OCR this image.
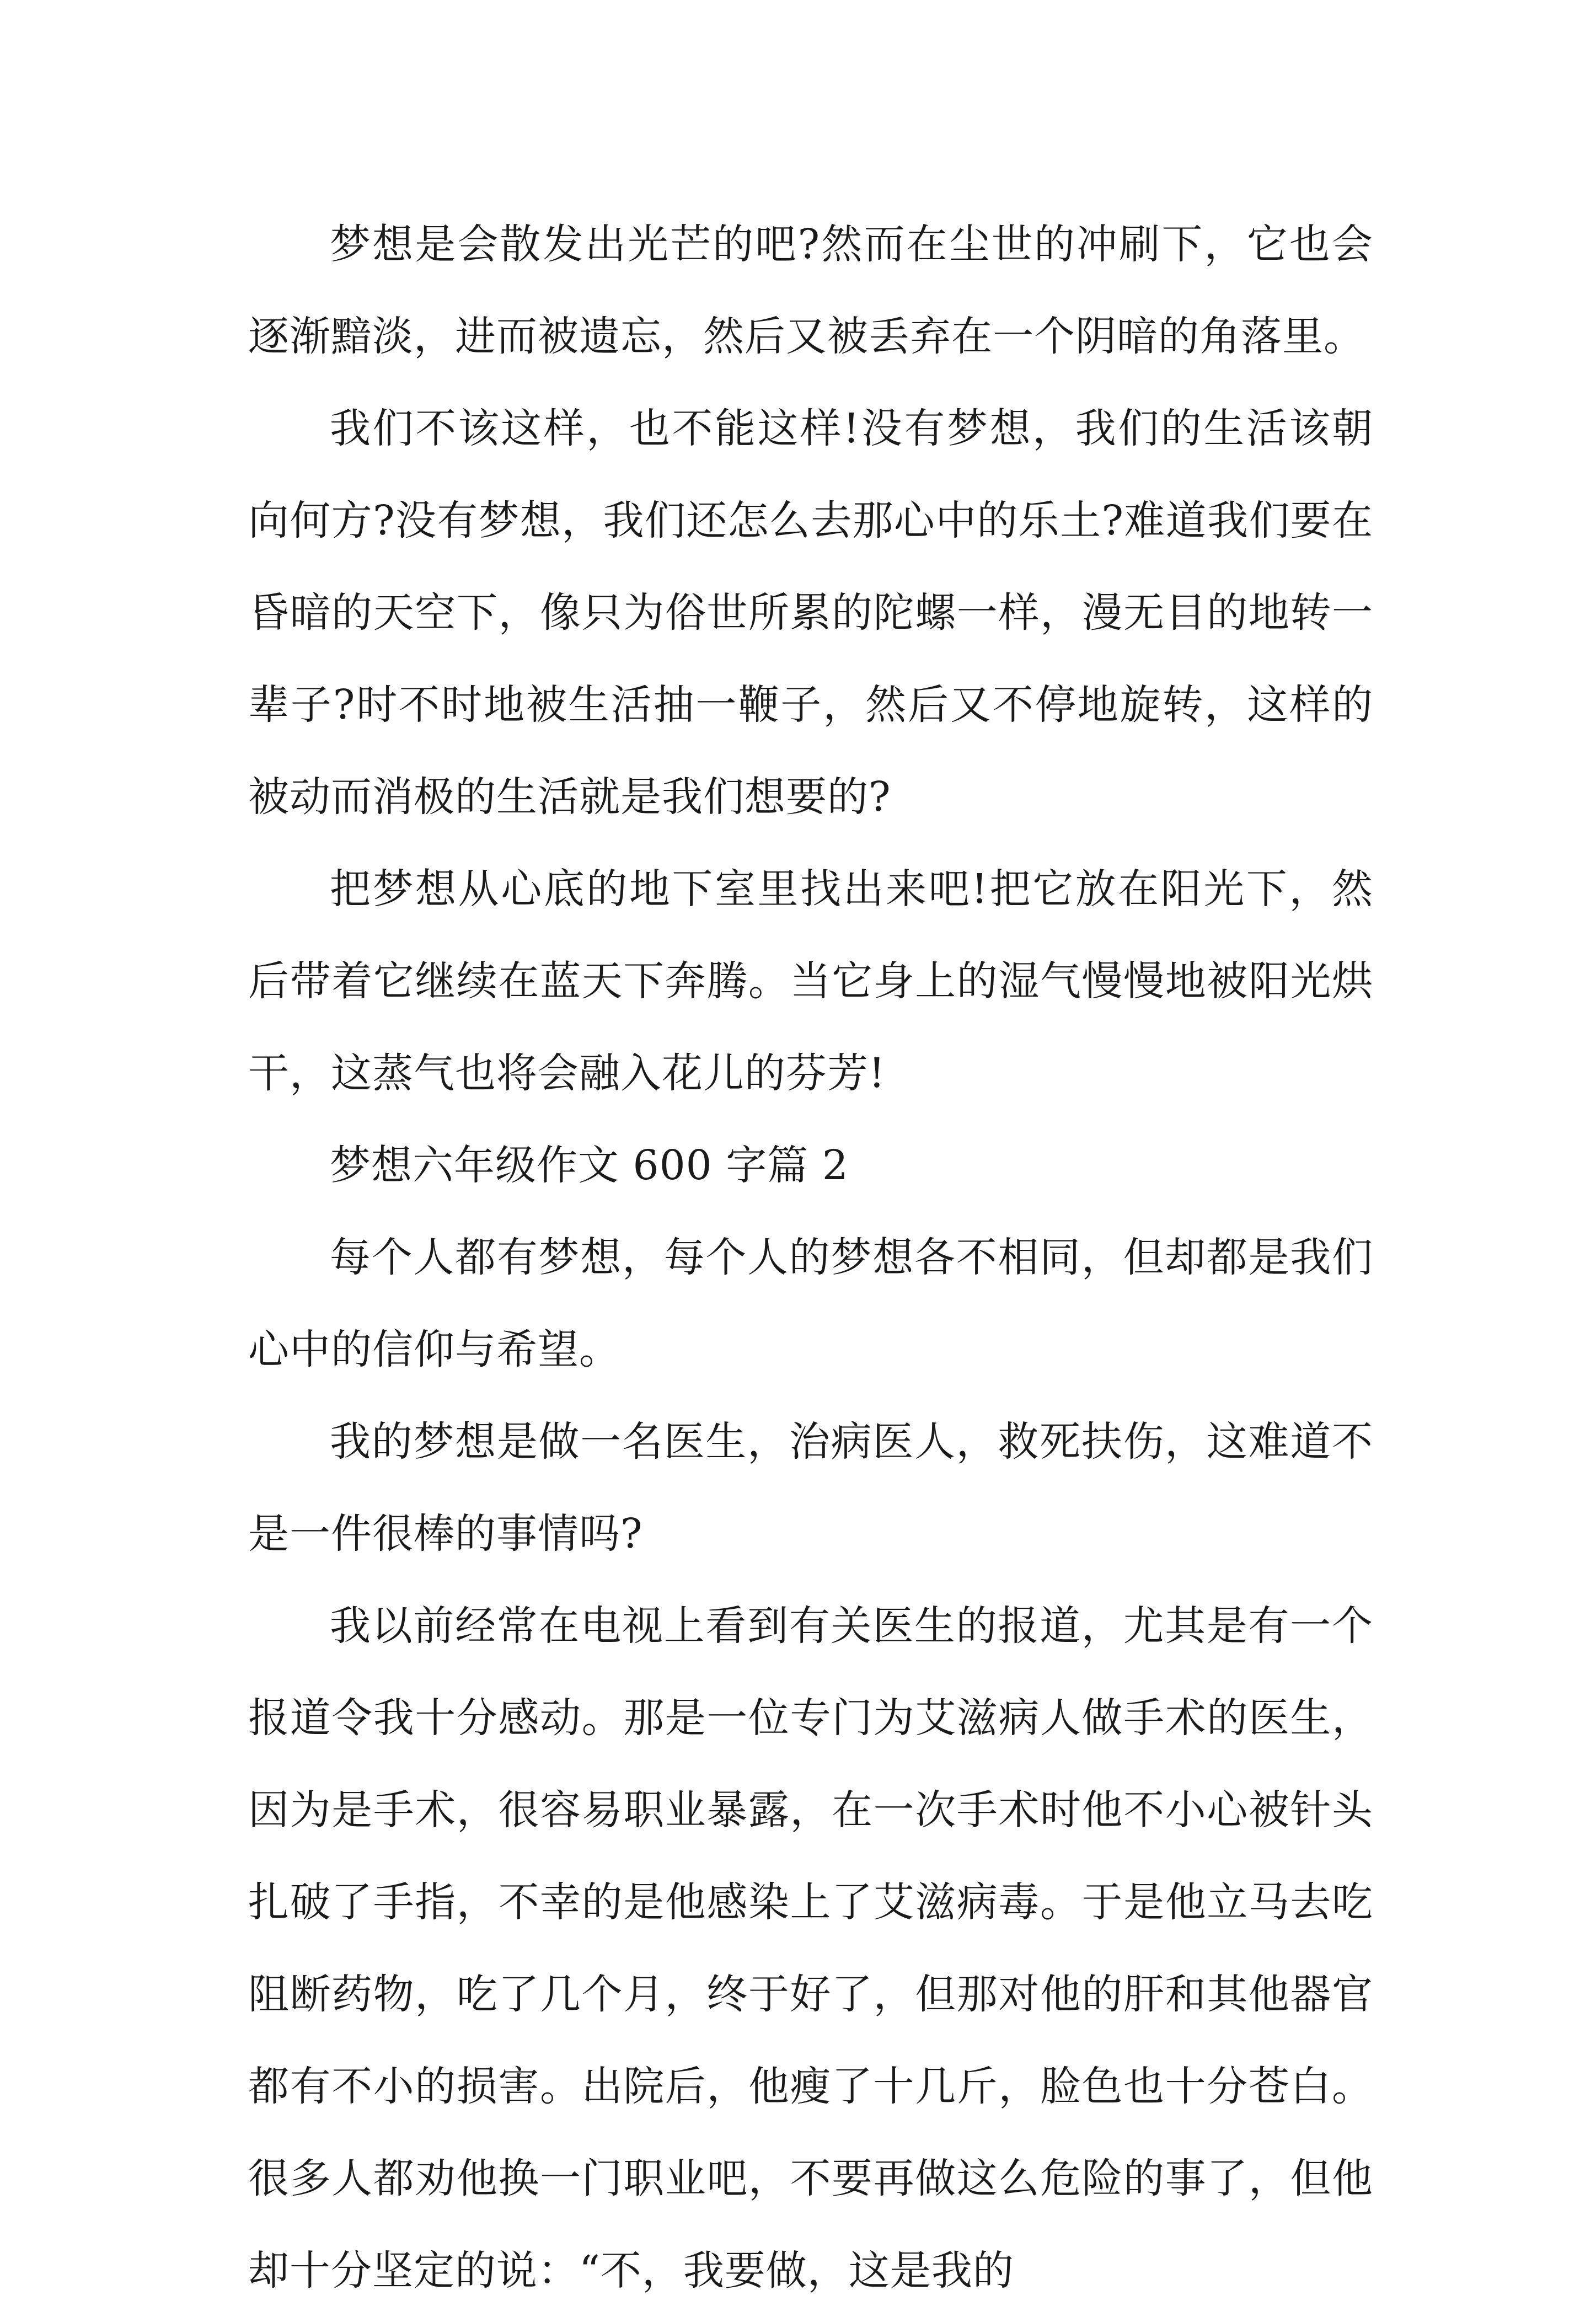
梦想是会散发出光芒的吧?然而在尘世的冲刷下，它也会逐渐黯淡，进而被遗忘，然后又被丢弃在一个阴暗的角落里。

我们不该这样，也不能这样!没有梦想，我们的生活该朝向何方?没有梦想，我们还怎么去那心中的乐土?难道我们要在昏暗的天空下，像只为俗世所累的陀螺一样，漫无目的地转一辈子?时不时地被生活抽一鞭子，然后又不停地旋转，这样的被动而消极的生活就是我们想要的?

把梦想从心底的地下室里找出来吧!把它放在阳光下，然后带着它继续在蓝天下奔腾。当它身上的湿气慢慢地被阳光烘干，这蒸气也将会融入花儿的芬芳!

梦想六年级作文 600 字篇 2

每个人都有梦想，每个人的梦想各不相同，但却都是我们心中的信仰与希望。

我的梦想是做一名医生，治病医人，救死扶伤，这难道不是一件很棒的事情吗?

我以前经常在电视上看到有关医生的报道，尤其是有一个报道令我十分感动。那是一位专门为艾滋病人做手术的医生，因为是手术，很容易职业暴露，在一次手术时他不小心被针头扎破了手指，不幸的是他感染上了艾滋病毒。于是他立马去吃阻断药物，吃了几个月，终于好了，但那对他的肝和其他器官都有不小的损害。出院后，他瘦了十几斤，脸色也十分苍白。很多人都劝他换一门职业吧，不要再做这么危险的事了，但他却十分坚定的说：“不，我要做，这是我的
